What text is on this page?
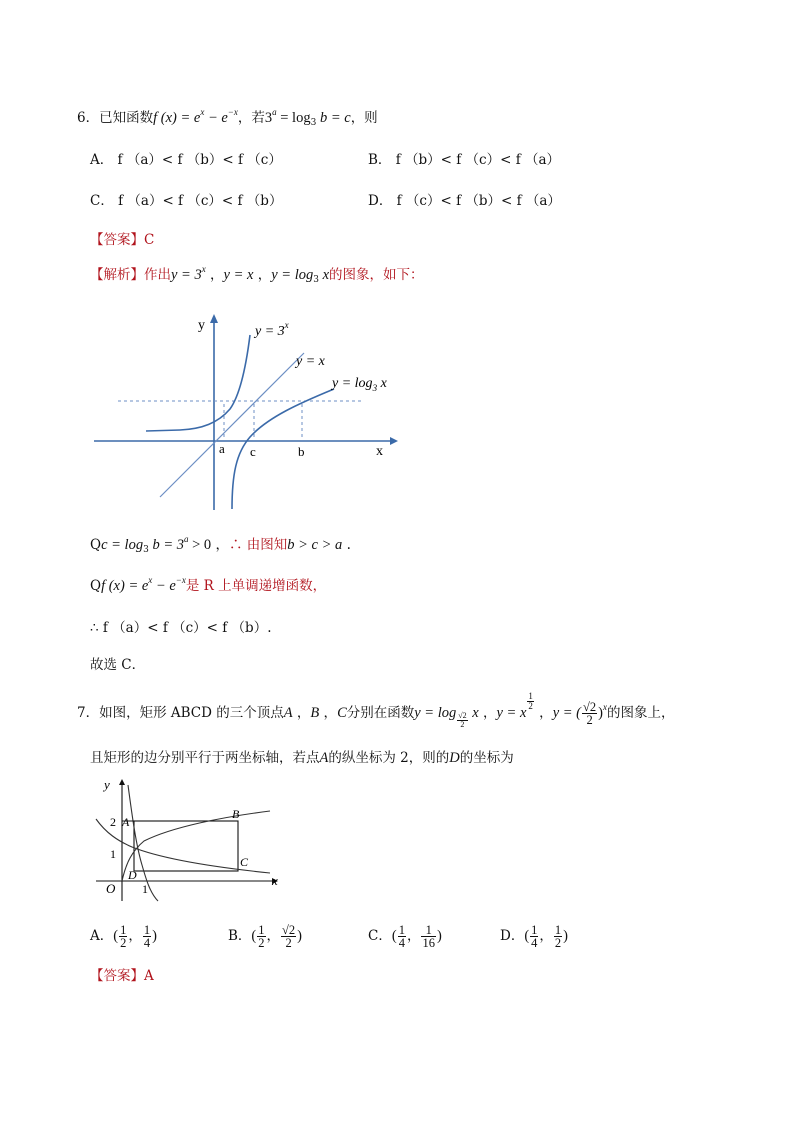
6．已知函数f $(x) = e^x - e^{-x}$，若$3^a = \log_3 b = c$，则
A． f （a）< f （b）< f （c）	B． f （b）< f （c）< f （a）
C． f （a）< f （c）< f （b）	D． f （c）< f （b）< f （a）
【答案】C
【解析】作出$y = 3^x$ ，y = x ，$y = \log_3 x$的图象，如下：
y
x
$y = 3^x$
y = x
$y = \log_3 x$
a c	b
$Qc = \log_3 b = 3^a > 0$ ，∴ 由图知b > c > a .
Qf $(x) = e^x - e^{-x}$是 R 上单调递增函数，
∴ f （a）< f （c）< f （b）.
故选 C．
7．如图，矩形 ABCD 的三个顶点A ，B ，C分别在函数$y = \log \frac{√2}{2}$ x ，y = x
$\frac{1}{2}$
，y = ( $\frac{√2}{2} )^x$的图象上，
且矩形的边分别平行于两坐标轴，若点A的纵坐标为 2，则的D的坐标为
y
x
O
2
1
1
A
B
C
D
A．( $\frac{1}{2}$ ， $\frac{1}{4}$ )	B．( $\frac{1}{2}$ ， $\frac{√2}{2}$ )	C．( $\frac{1}{4}$ ， $\frac{1}{16}$ )	D．( $\frac{1}{4}$ ， $\frac{1}{2}$ )
【答案】A
